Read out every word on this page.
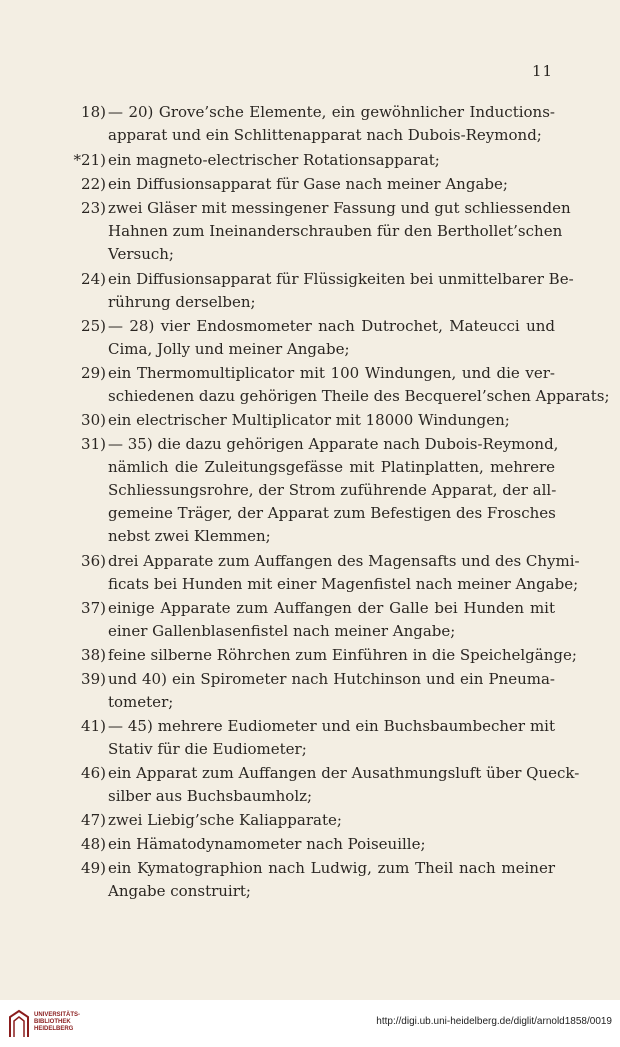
11
18) — 20) Grove’sche Elemente, ein gewöhnlicher Inductions-
apparat und ein Schlittenapparat nach Dubois-Reymond;
*21) ein magneto-electrischer Rotationsapparat;
22) ein Diffusionsapparat für Gase nach meiner Angabe;
23) zwei Gläser mit messingener Fassung und gut schliessenden
Hahnen zum Ineinanderschrauben für den Berthollet’schen
Versuch;
24) ein Diffusionsapparat für Flüssigkeiten bei unmittelbarer Be-
rührung derselben;
25) — 28) vier Endosmometer nach Dutrochet, Mateucci und
Cima, Jolly und meiner Angabe;
29) ein Thermomultiplicator mit 100 Windungen, und die ver-
schiedenen dazu gehörigen Theile des Becquerel’schen Apparats;
30) ein electrischer Multiplicator mit 18000 Windungen;
31) — 35) die dazu gehörigen Apparate nach Dubois-Reymond,
nämlich die Zuleitungsgefässe mit Platinplatten, mehrere
Schliessungsrohre, der Strom zuführende Apparat, der all-
gemeine Träger, der Apparat zum Befestigen des Frosches
nebst zwei Klemmen;
36) drei Apparate zum Auffangen des Magensafts und des Chymi-
ficats bei Hunden mit einer Magenfistel nach meiner Angabe;
37) einige Apparate zum Auffangen der Galle bei Hunden mit
einer Gallenblasenfistel nach meiner Angabe;
38) feine silberne Röhrchen zum Einführen in die Speichelgänge;
39) und 40) ein Spirometer nach Hutchinson und ein Pneuma-
tometer;
41) — 45) mehrere Eudiometer und ein Buchsbaumbecher mit
Stativ für die Eudiometer;
46) ein Apparat zum Auffangen der Ausathmungsluft über Queck-
silber aus Buchsbaumholz;
47) zwei Liebig’sche Kaliapparate;
48) ein Hämatodynamometer nach Poiseuille;
49) ein Kymatographion nach Ludwig, zum Theil nach meiner
Angabe construirt;
UNIVERSITÄTS-
BIBLIOTHEK
HEIDELBERG
http://digi.ub.uni-heidelberg.de/diglit/arnold1858/0019
